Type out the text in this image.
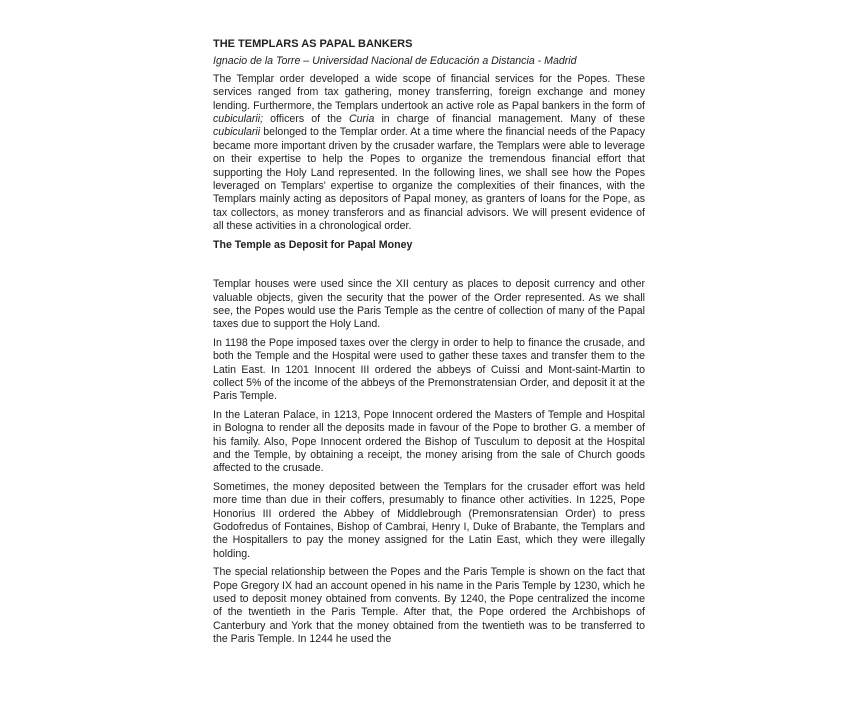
THE TEMPLARS AS PAPAL BANKERS
Ignacio de la Torre – Universidad Nacional de Educación a Distancia - Madrid

The Templar order developed a wide scope of financial services for the Popes. These services ranged from tax gathering, money transferring, foreign exchange and money lending. Furthermore, the Templars undertook an active role as Papal bankers in the form of cubicularii; officers of the Curia in charge of financial management. Many of these cubicularii belonged to the Templar order. At a time where the financial needs of the Papacy became more important driven by the crusader warfare, the Templars were able to leverage on their expertise to help the Popes to organize the tremendous financial effort that supporting the Holy Land represented. In the following lines, we shall see how the Popes leveraged on Templars' expertise to organize the complexities of their finances, with the Templars mainly acting as depositors of Papal money, as granters of loans for the Pope, as tax collectors, as money transferors and as financial advisors. We will present evidence of all these activities in a chronological order.

The Temple as Deposit for Papal Money

Templar houses were used since the XII century as places to deposit currency and other valuable objects, given the security that the power of the Order represented. As we shall see, the Popes would use the Paris Temple as the centre of collection of many of the Papal taxes due to support the Holy Land.

In 1198 the Pope imposed taxes over the clergy in order to help to finance the crusade, and both the Temple and the Hospital were used to gather these taxes and transfer them to the Latin East. In 1201 Innocent III ordered the abbeys of Cuissi and Mont-saint-Martin to collect 5% of the income of the abbeys of the Premonstratensian Order, and deposit it at the Paris Temple.

In the Lateran Palace, in 1213, Pope Innocent ordered the Masters of Temple and Hospital in Bologna to render all the deposits made in favour of the Pope to brother G. a member of his family. Also, Pope Innocent ordered the Bishop of Tusculum to deposit at the Hospital and the Temple, by obtaining a receipt, the money arising from the sale of Church goods affected to the crusade.

Sometimes, the money deposited between the Templars for the crusader effort was held more time than due in their coffers, presumably to finance other activities. In 1225, Pope Honorius III ordered the Abbey of Middlebrough (Premonsratensian Order) to press Godofredus of Fontaines, Bishop of Cambrai, Henry I, Duke of Brabante, the Templars and the Hospitallers to pay the money assigned for the Latin East, which they were illegally holding.

The special relationship between the Popes and the Paris Temple is shown on the fact that Pope Gregory IX had an account opened in his name in the Paris Temple by 1230, which he used to deposit money obtained from convents. By 1240, the Pope centralized the income of the twentieth in the Paris Temple. After that, the Pope ordered the Archbishops of Canterbury and York that the money obtained from the twentieth was to be transferred to the Paris Temple. In 1244 he used the
